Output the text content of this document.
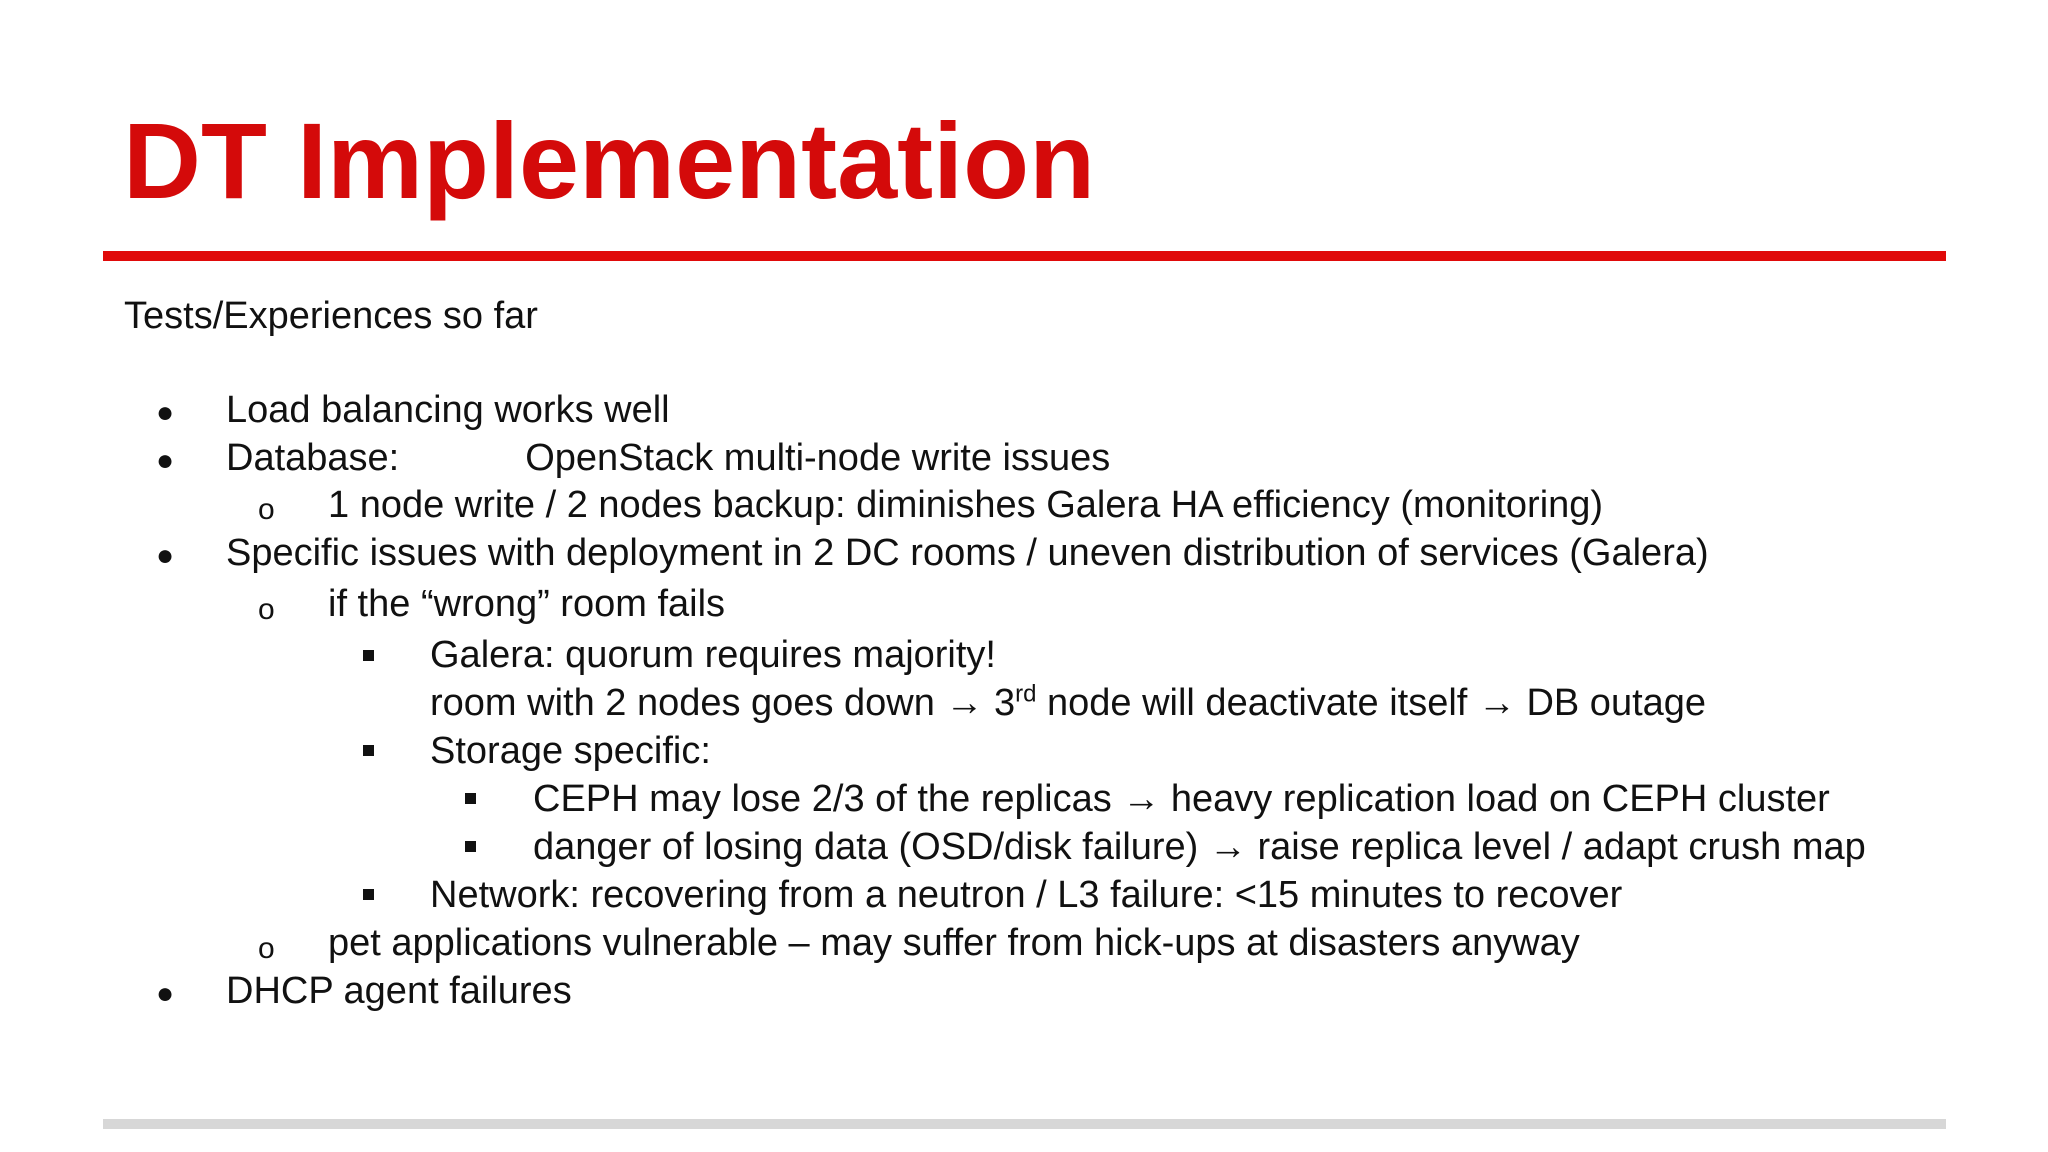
DT Implementation
Tests/Experiences so far
● Load balancing works well
● Database:	OpenStack multi-node write issues
o 1 node write / 2 nodes backup: diminishes Galera HA efficiency (monitoring)
● Specific issues with deployment in 2 DC rooms / uneven distribution of services (Galera)
o if the “wrong” room fails
Galera: quorum requires majority!
room with 2 nodes goes down → 3rd node will deactivate itself → DB outage
Storage specific:
CEPH may lose 2/3 of the replicas → heavy replication load on CEPH cluster
danger of losing data (OSD/disk failure) → raise replica level / adapt crush map
Network: recovering from a neutron / L3 failure: <15 minutes to recover
o pet applications vulnerable – may suffer from hick-ups at disasters anyway
● DHCP agent failures
